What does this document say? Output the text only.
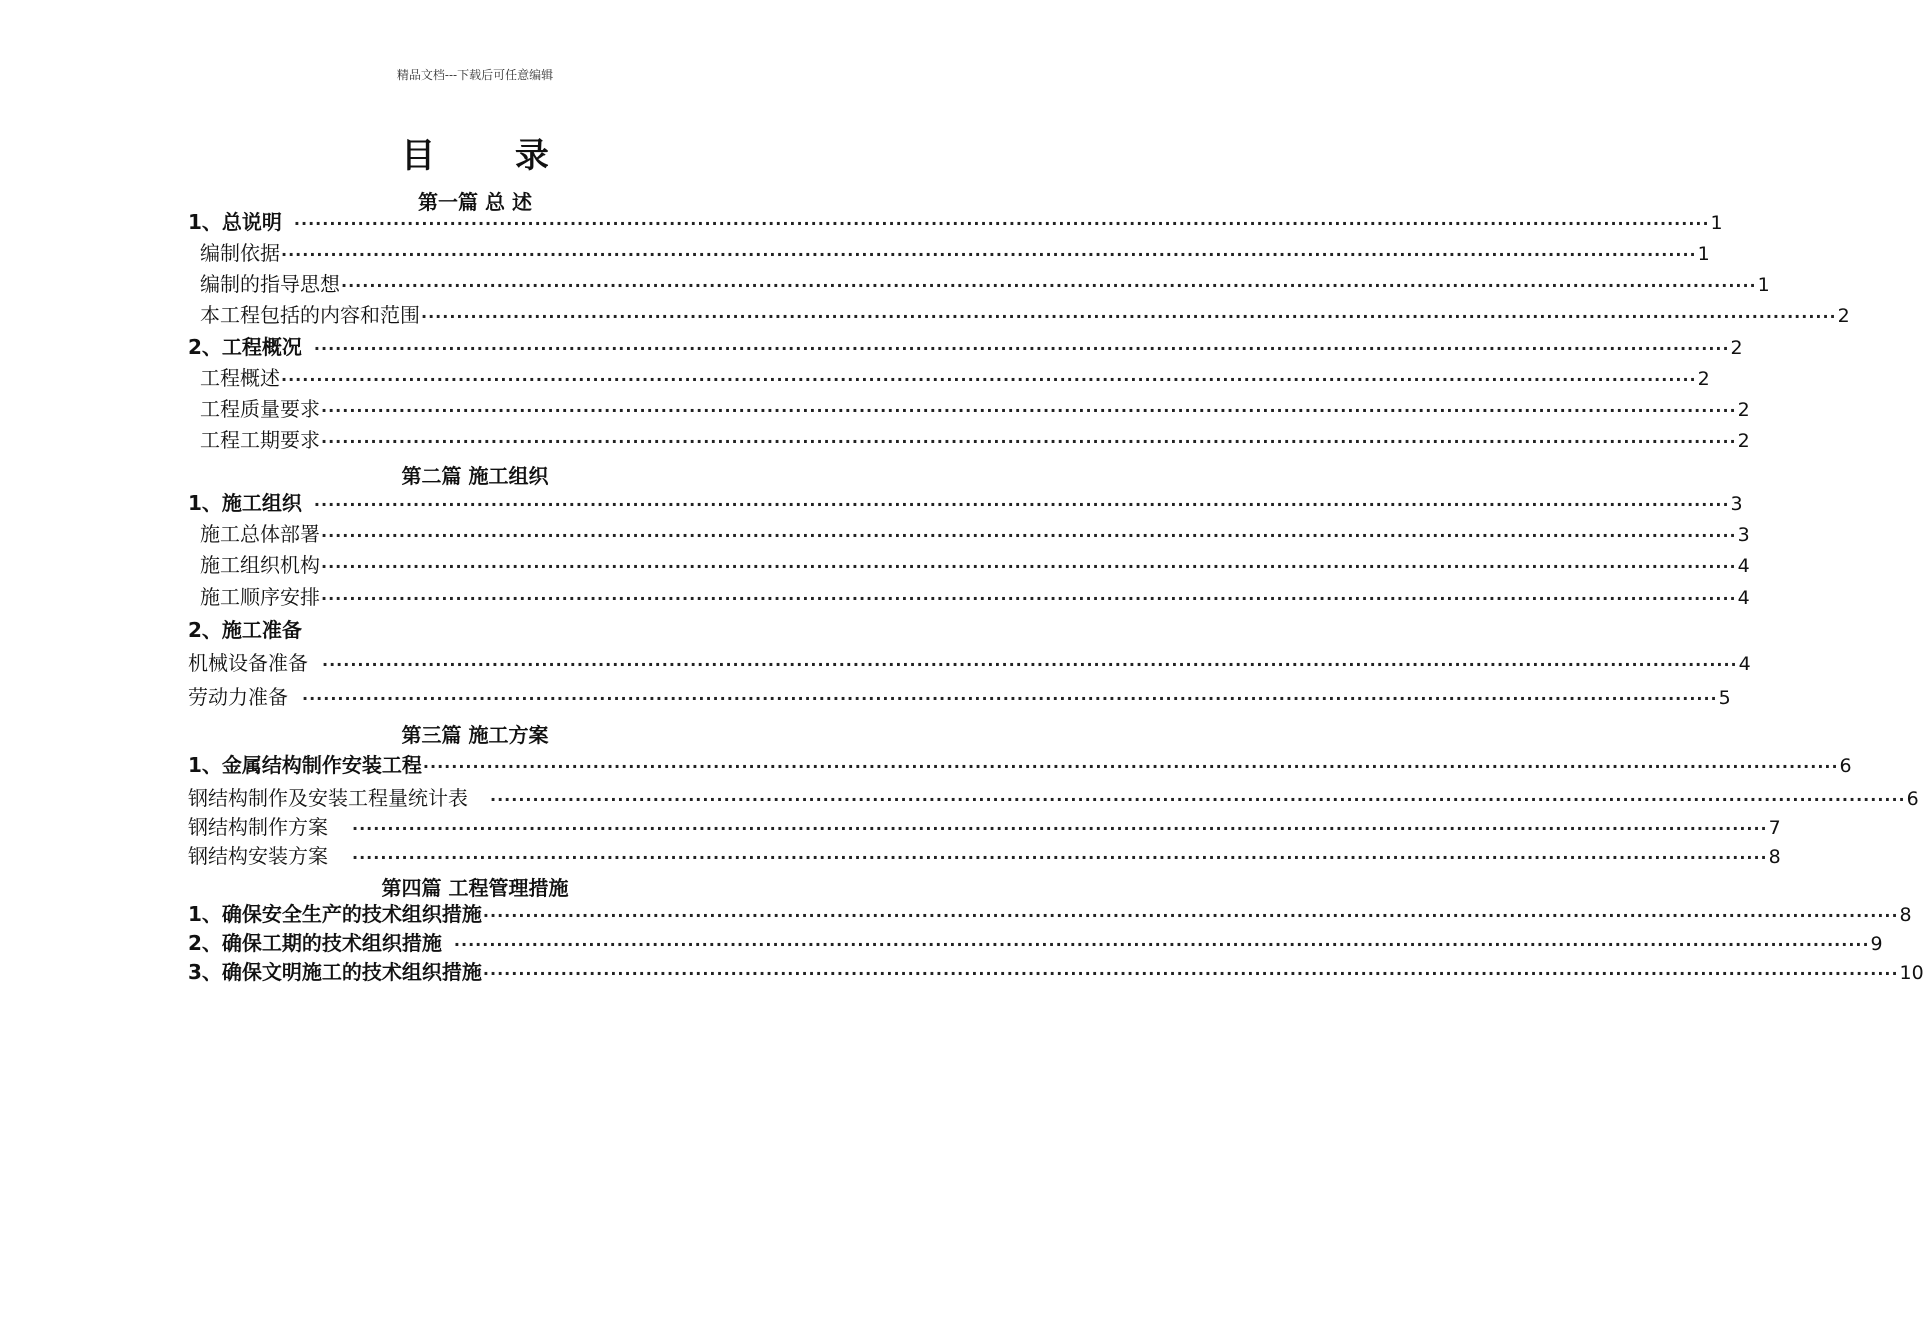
精品文档---下载后可任意编辑
目 录
第一篇 总 述
1、总说明 ········································································································································································································ 1
编制依据 ········································································································································································································ 1
编制的指导思想 ········································································································································································································ 1
本工程包括的内容和范围 ········································································································································································································ 2
2、工程概况 ········································································································································································································ 2
工程概述 ········································································································································································································ 2
工程质量要求 ········································································································································································································ 2
工程工期要求 ········································································································································································································ 2
第二篇 施工组织
1、施工组织 ········································································································································································································ 3
施工总体部署 ········································································································································································································ 3
施工组织机构 ········································································································································································································ 4
施工顺序安排 ········································································································································································································ 4
2、施工准备
机械设备准备 ········································································································································································································ 4
劳动力准备 ········································································································································································································ 5
第三篇 施工方案
1、金属结构制作安装工程 ········································································································································································································ 6
钢结构制作及安装工程量统计表 ········································································································································································································ 6
钢结构制作方案 ········································································································································································································ 7
钢结构安装方案 ········································································································································································································ 8
第四篇 工程管理措施
1、确保安全生产的技术组织措施 ········································································································································································································ 8
2、确保工期的技术组织措施 ········································································································································································································ 9
3、确保文明施工的技术组织措施 ········································································································································································································ 10
